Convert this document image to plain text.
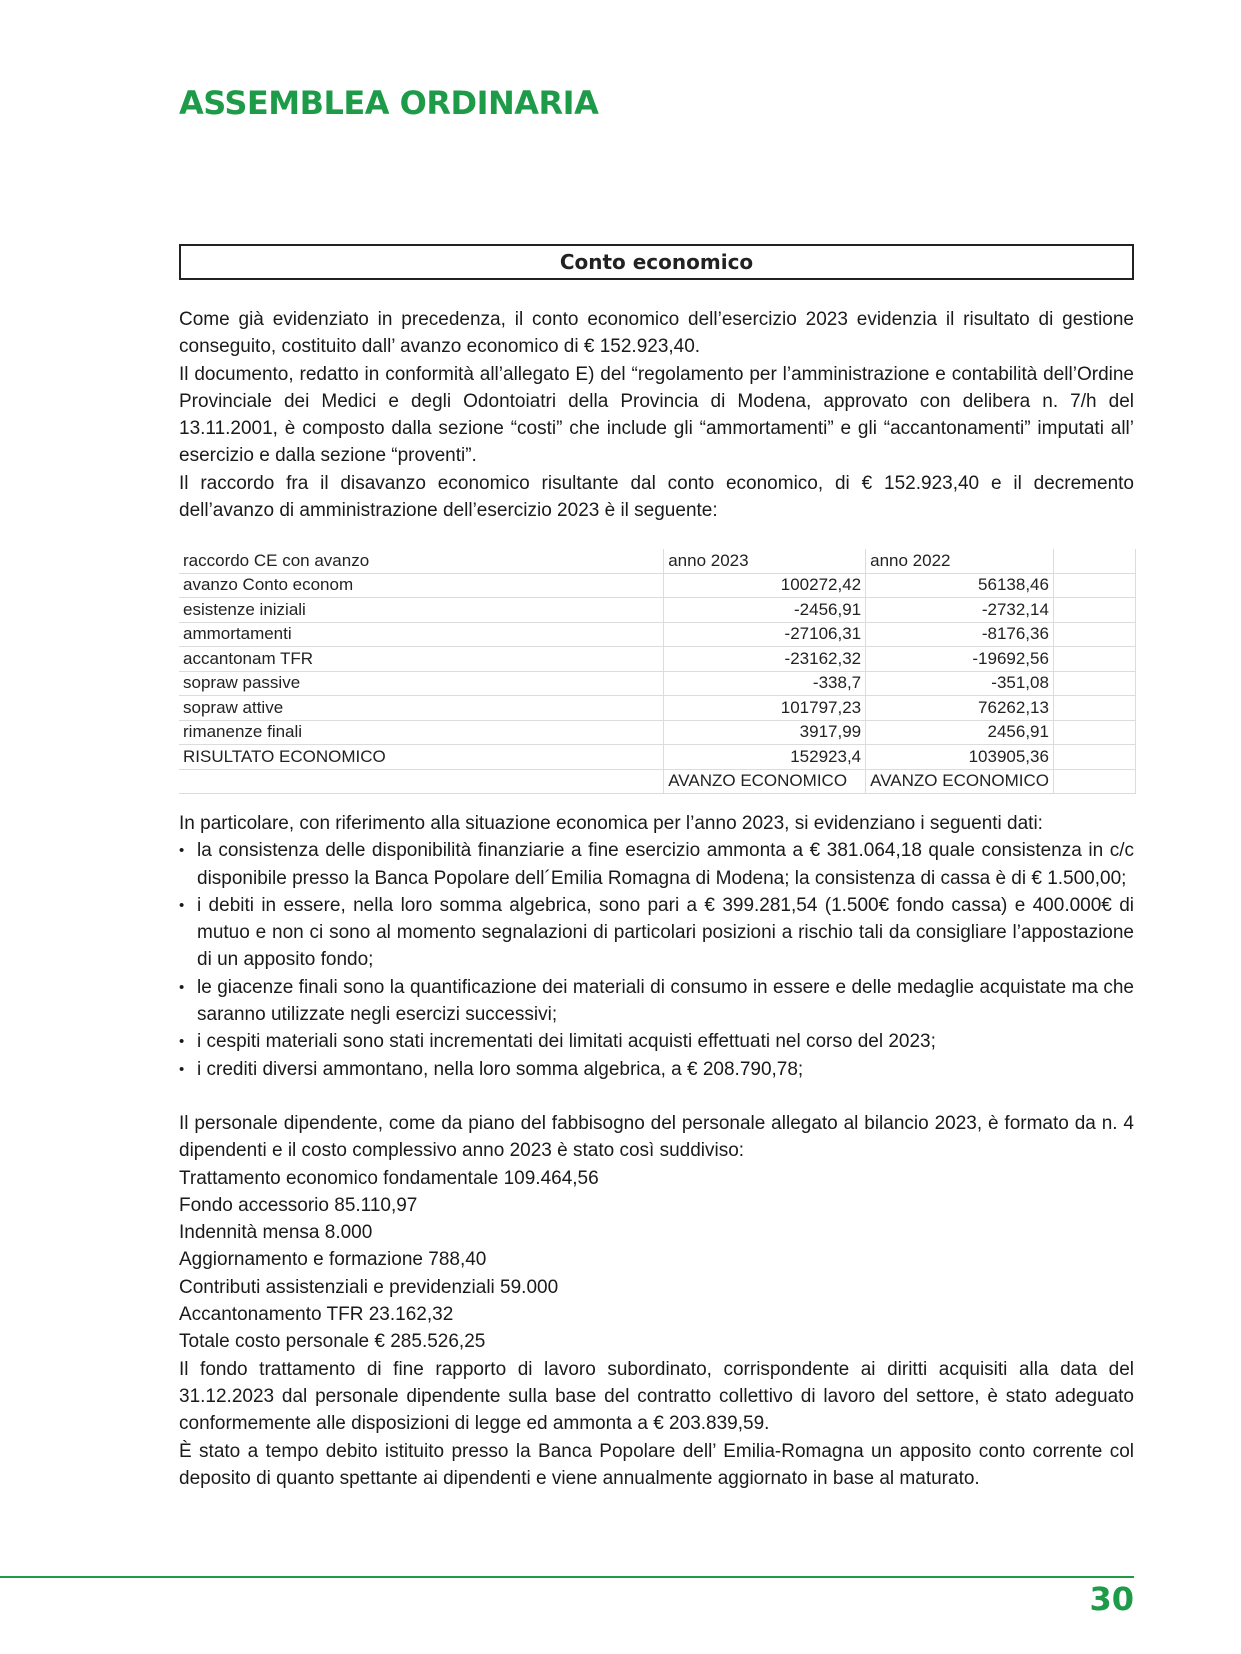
ASSEMBLEA ORDINARIA
Conto economico

Come già evidenziato in precedenza, il conto economico dell’esercizio 2023 evidenzia il risultato di gestione conseguito, costituito dall’ avanzo economico di € 152.923,40.

Il documento, redatto in conformità all’allegato E) del “regolamento per l’amministrazione e contabilità dell’Ordine Provinciale dei Medici e degli Odontoiatri della Provincia di Modena, approvato con delibera n. 7/h del 13.11.2001, è composto dalla sezione “costi” che include gli “ammortamenti” e gli “accantonamenti” imputati all’ esercizio e dalla sezione “proventi”.

Il raccordo fra il disavanzo economico risultante dal conto economico, di € 152.923,40 e il decremento dell’avanzo di amministrazione dell’esercizio 2023 è il seguente:

raccordo CE con avanzo	anno 2023	anno 2022	
avanzo Conto econom	100272,42	56138,46	
esistenze iniziali	-2456,91	-2732,14	
ammortamenti	-27106,31	-8176,36	
accantonam TFR	-23162,32	-19692,56	
sopraw passive	-338,7	-351,08	
sopraw attive	101797,23	76262,13	
rimanenze finali	3917,99	2456,91	
RISULTATO ECONOMICO	152923,4	103905,36	
	AVANZO ECONOMICO	AVANZO ECONOMICO	

In particolare, con riferimento alla situazione economica per l’anno 2023, si evidenziano i seguenti dati:

• la consistenza delle disponibilità finanziarie a fine esercizio ammonta a € 381.064,18 quale consistenza in c/c disponibile presso la Banca Popolare dell´Emilia Romagna di Modena; la consistenza di cassa è di € 1.500,00;
• i debiti in essere, nella loro somma algebrica, sono pari a € 399.281,54 (1.500€ fondo cassa) e 400.000€ di mutuo e non ci sono al momento segnalazioni di particolari posizioni a rischio tali da consigliare l’appostazione di un apposito fondo;
• le giacenze finali sono la quantificazione dei materiali di consumo in essere e delle medaglie acquistate ma che saranno utilizzate negli esercizi successivi;
• i cespiti materiali sono stati incrementati dei limitati acquisti effettuati nel corso del 2023;
• i crediti diversi ammontano, nella loro somma algebrica, a € 208.790,78;

Il personale dipendente, come da piano del fabbisogno del personale allegato al bilancio 2023, è formato da n. 4 dipendenti e il costo complessivo anno 2023 è stato così suddiviso:

Trattamento economico fondamentale 109.464,56

Fondo accessorio 85.110,97

Indennità mensa 8.000

Aggiornamento e formazione 788,40

Contributi assistenziali e previdenziali 59.000

Accantonamento TFR 23.162,32

Totale costo personale € 285.526,25

Il fondo trattamento di fine rapporto di lavoro subordinato, corrispondente ai diritti acquisiti alla data del 31.12.2023 dal personale dipendente sulla base del contratto collettivo di lavoro del settore, è stato adeguato conformemente alle disposizioni di legge ed ammonta a € 203.839,59.

È stato a tempo debito istituito presso la Banca Popolare dell’ Emilia-Romagna un apposito conto corrente col deposito di quanto spettante ai dipendenti e viene annualmente aggiornato in base al maturato.

30
